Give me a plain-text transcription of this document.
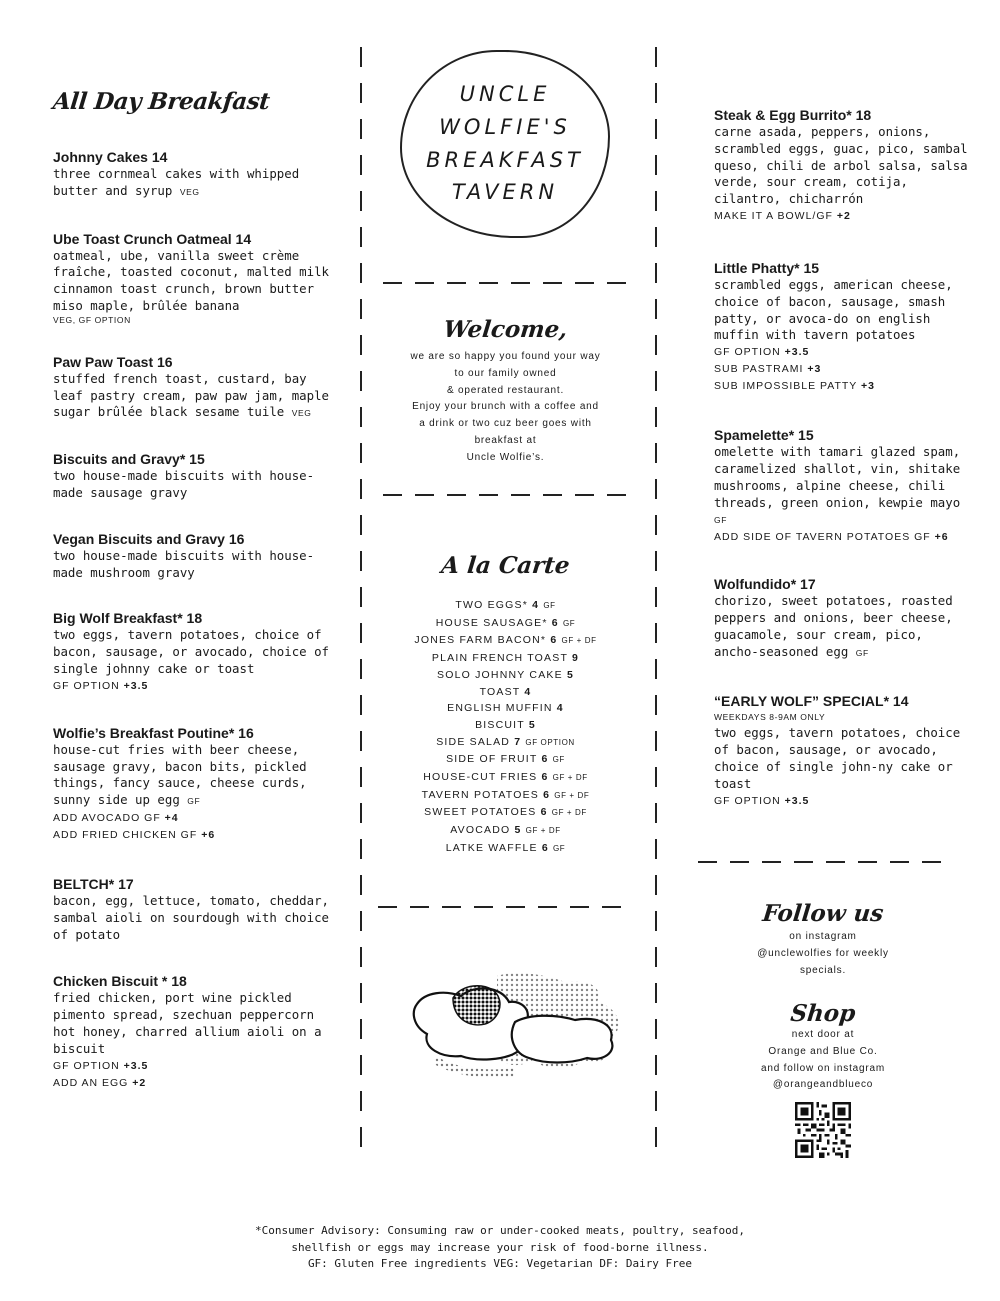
All Day Breakfast
Johnny Cakes 14
three cornmeal cakes with whipped butter and syrup VEG
Ube Toast Crunch Oatmeal 14
oatmeal, ube, vanilla sweet crème fraîche, toasted coconut, malted milk cinnamon toast crunch, brown butter miso maple, brûlée banana
VEG, GF OPTION
Paw Paw Toast 16
stuffed french toast, custard, bay leaf pastry cream, paw paw jam, maple sugar brûlée black sesame tuile VEG
Biscuits and Gravy* 15
two house-made biscuits with house-made sausage gravy
Vegan Biscuits and Gravy 16
two house-made biscuits with house-made mushroom gravy
Big Wolf Breakfast* 18
two eggs, tavern potatoes, choice of bacon, sausage, or avocado, choice of single johnny cake or toast
GF OPTION +3.5
Wolfie’s Breakfast Poutine* 16
house-cut fries with beer cheese, sausage gravy, bacon bits, pickled things, fancy sauce, cheese curds, sunny side up egg GF
ADD AVOCADO GF +4
ADD FRIED CHICKEN GF +6
BELTCH* 17
bacon, egg, lettuce, tomato, cheddar, sambal aioli on sourdough with choice of potato
Chicken Biscuit * 18
fried chicken, port wine pickled pimento spread, szechuan peppercorn hot honey, charred allium aioli on a biscuit
GF OPTION +3.5
ADD AN EGG +2
UNCLE
WOLFIE'S
BREAKFAST
TAVERN
Welcome,
we are so happy you found your way
to our family owned
& operated restaurant.
Enjoy your brunch with a coffee and
a drink or two cuz beer goes with
breakfast at
Uncle Wolfie’s.
A la Carte
TWO EGGS* 4 GF
HOUSE SAUSAGE* 6 GF
JONES FARM BACON* 6 GF + DF
PLAIN FRENCH TOAST 9
SOLO JOHNNY CAKE 5
TOAST 4
ENGLISH MUFFIN 4
BISCUIT 5
SIDE SALAD 7 GF OPTION
SIDE OF FRUIT 6 GF
HOUSE-CUT FRIES 6 GF + DF
TAVERN POTATOES 6 GF + DF
SWEET POTATOES 6 GF + DF
AVOCADO 5 GF + DF
LATKE WAFFLE 6 GF
Steak & Egg Burrito* 18
carne asada, peppers, onions, scrambled eggs, guac, pico, sambal queso, chili de arbol salsa, salsa verde, sour cream, cotija, cilantro, chicharrón
MAKE IT A BOWL/GF +2
Little Phatty* 15
scrambled eggs, american cheese, choice of bacon, sausage, smash patty, or avoca-do on english muffin with tavern potatoes
GF OPTION +3.5
SUB PASTRAMI +3
SUB IMPOSSIBLE PATTY +3
Spamelette* 15
omelette with tamari glazed spam, caramelized shallot, vin, shitake mushrooms, alpine cheese, chili threads, green onion, kewpie mayo GF
ADD SIDE OF TAVERN POTATOES GF +6
Wolfundido* 17
chorizo, sweet potatoes, roasted peppers and onions, beer cheese, guacamole, sour cream, pico, ancho-seasoned egg GF
“EARLY WOLF” SPECIAL* 14
WEEKDAYS 8-9AM ONLY
two eggs, tavern potatoes, choice of bacon, sausage, or avocado, choice of single john-ny cake or toast
GF OPTION +3.5
Follow us
on instagram
@unclewolfies for weekly
specials.
Shop
next door at
Orange and Blue Co.
and follow on instagram
@orangeandblueco
*Consumer Advisory: Consuming raw or under-cooked meats, poultry, seafood,
shellfish or eggs may increase your risk of food-borne illness.
GF: Gluten Free ingredients VEG: Vegetarian DF: Dairy Free
